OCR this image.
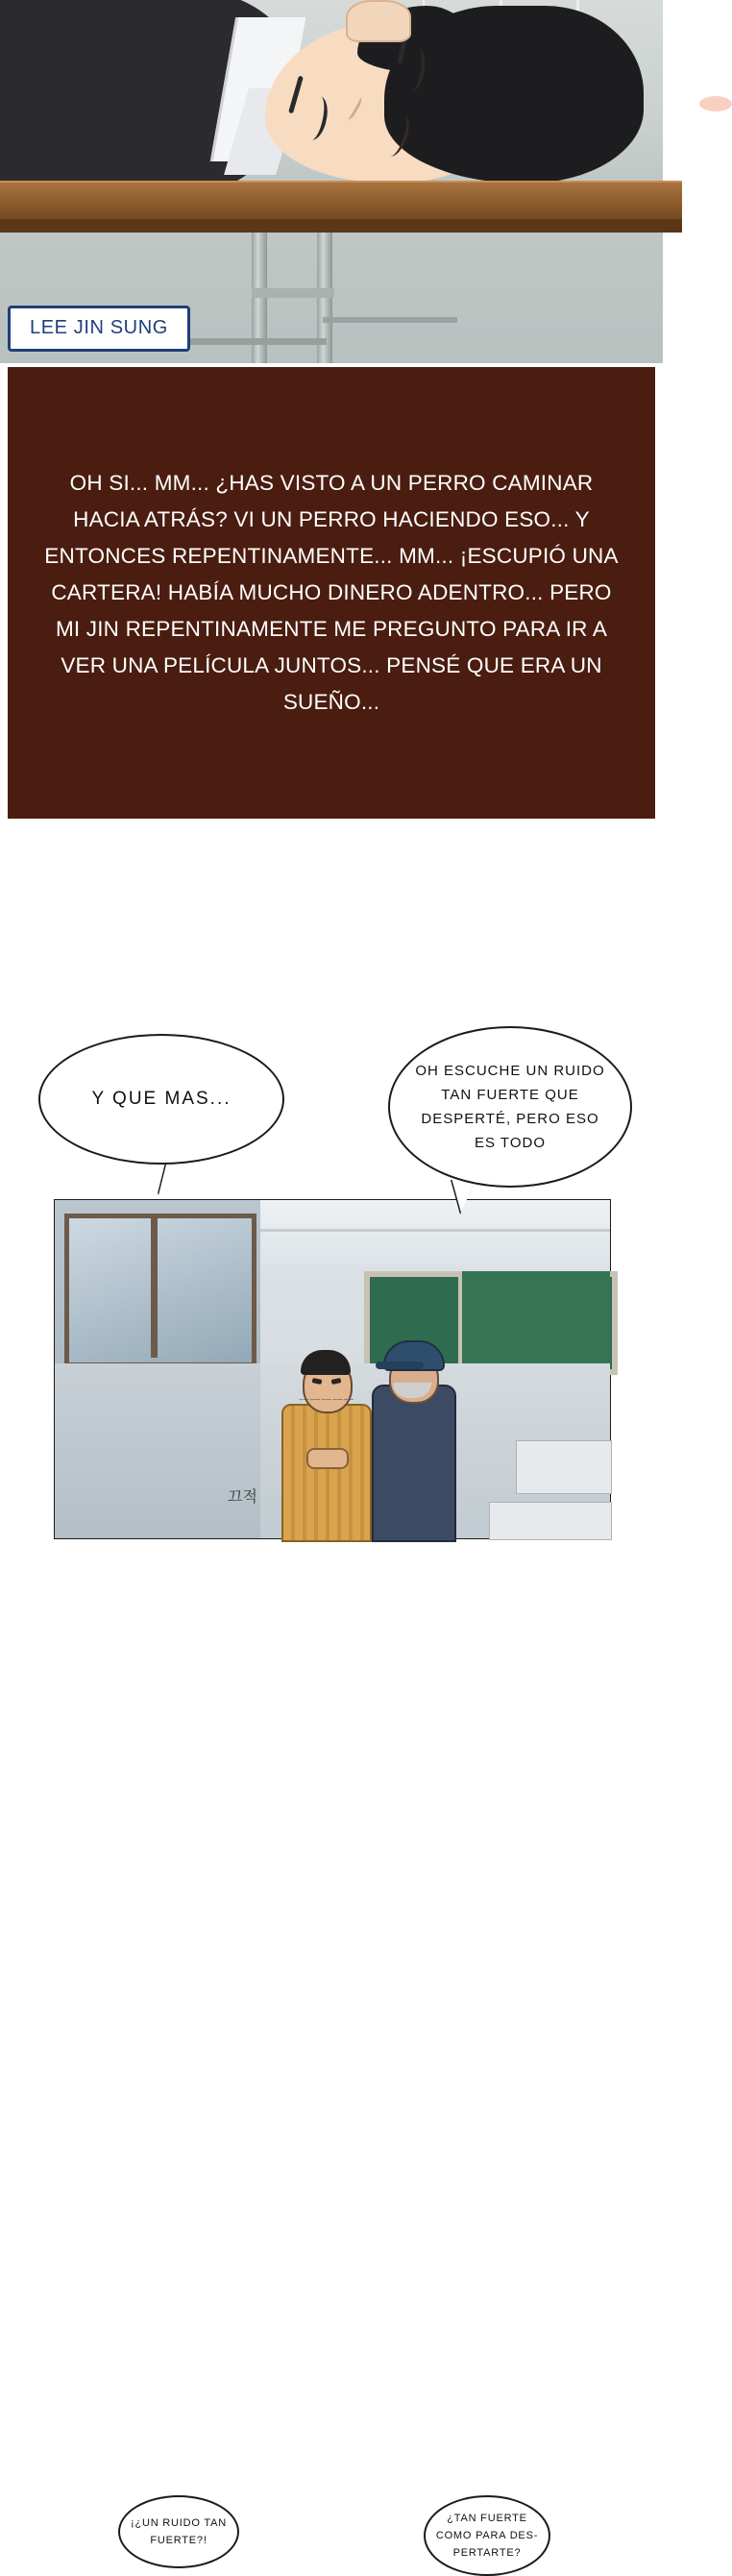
LEE JIN SUNG

OH SI... MM... ¿HAS VISTO A UN PERRO CAMINAR HACIA ATRÁS? VI UN PERRO HACIENDO ESO... Y ENTONCES REPENTINAMENTE... MM... ¡ESCUPIÓ UNA CARTERA! HABÍA MUCHO DINERO ADENTRO... PERO MI JIN REPENTINAMENTE ME PREGUNTO PARA IR A VER UNA PELÍCULA JUNTOS... PENSÉ QUE ERA UN SUEÑO...

ㅡㅡㅡㅡㅡ
끄적
¡¿UN RUIDO TAN FUERTE?!
¿TAN FUERTE COMO PARA DES-PERTARTE?
Y QUE MAS...
OH ESCUCHE UN RUIDO TAN FUERTE QUE DESPERTÉ, PERO ESO ES TODO
